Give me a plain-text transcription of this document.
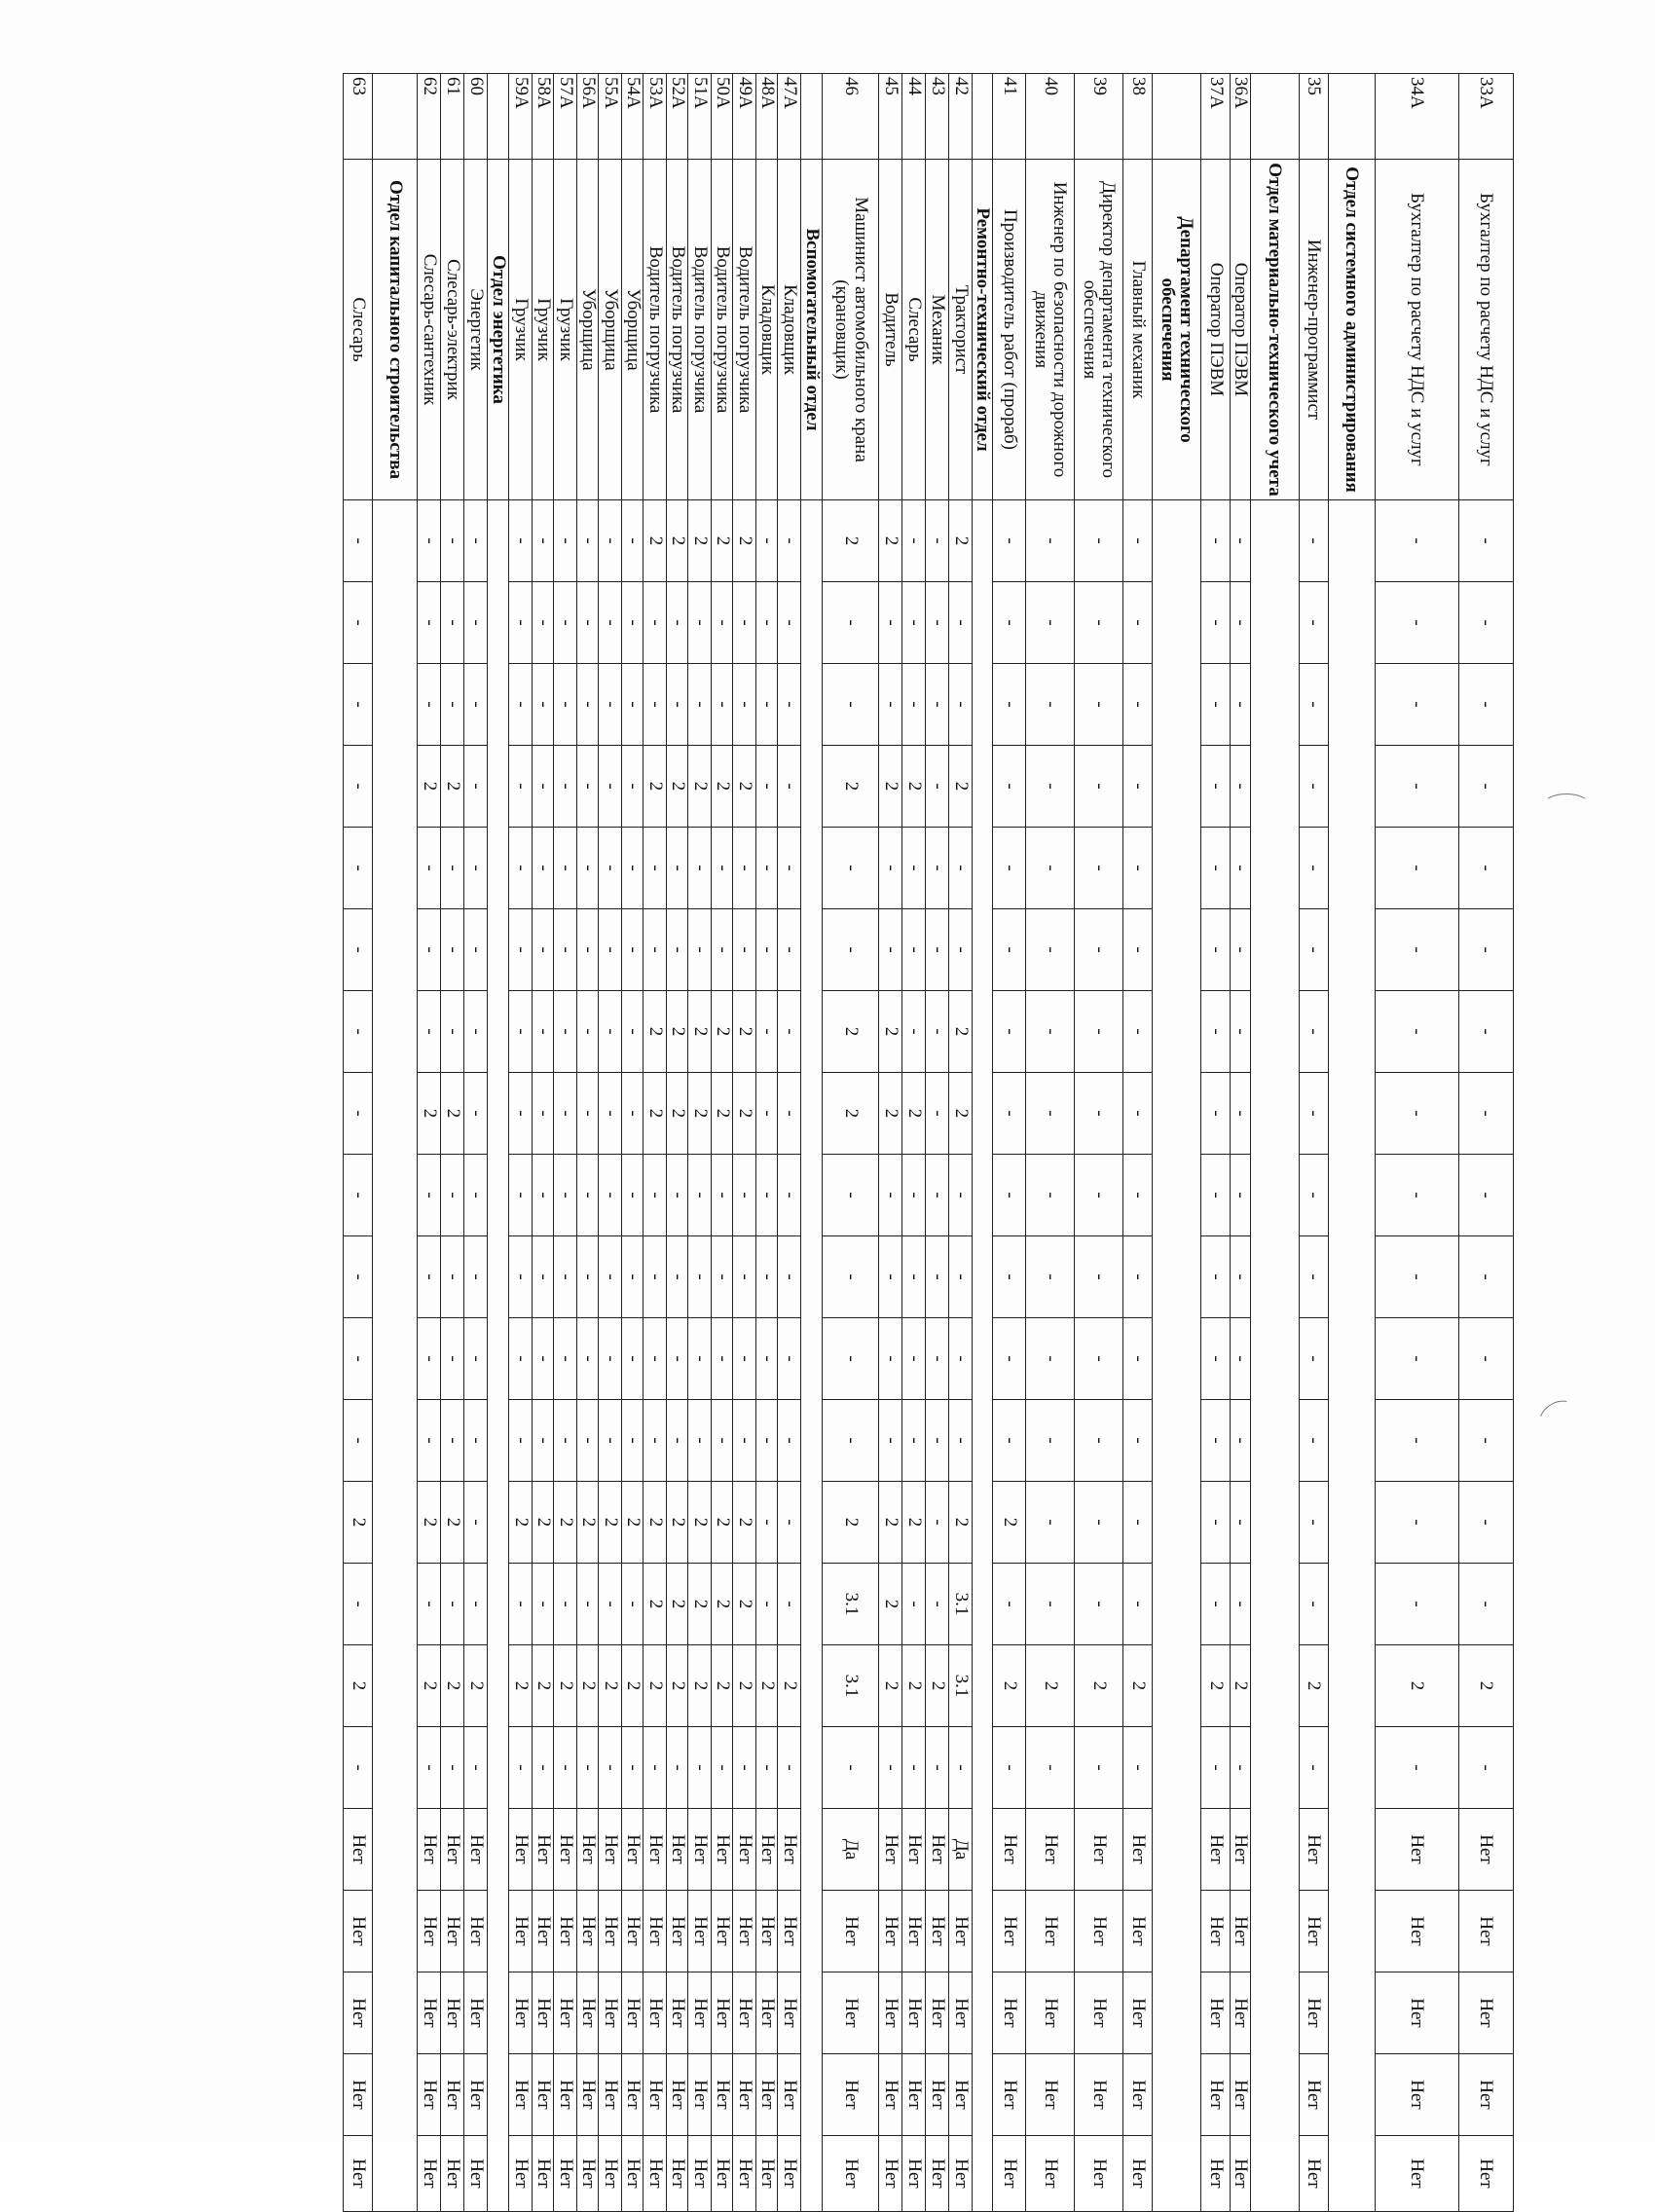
33А	Бухгалтер по расчету НДС и услуг	-	-	-	-	-	-	-	-	-	-	-	-	-	-	2	-	Нет	Нет	Нет	Нет	Нет	
34А	Бухгалтер по расчету НДС и услуг	-	-	-	-	-	-	-	-	-	-	-	-	-	-	2	-	Нет	Нет	Нет	Нет	Нет	
	Отдел системного администрирования																						
35	Инженер-программист	-	-	-	-	-	-	-	-	-	-	-	-	-	-	2	-	Нет	Нет	Нет	Нет	Нет	
	Отдел материально-технического учета																						
36А	Оператор ПЭВМ	-	-	-	-	-	-	-	-	-	-	-	-	-	-	2	-	Нет	Нет	Нет	Нет	Нет	
37А	Оператор ПЭВМ	-	-	-	-	-	-	-	-	-	-	-	-	-	-	2	-	Нет	Нет	Нет	Нет	Нет	
	Департамент технического обеспечения																						
38	Главный механик	-	-	-	-	-	-	-	-	-	-	-	-	-	-	2	-	Нет	Нет	Нет	Нет	Нет	
39	Директор департамента технического обеспечения	-	-	-	-	-	-	-	-	-	-	-	-	-	-	2	-	Нет	Нет	Нет	Нет	Нет	
40	Инженер по безопасности дорожного движения	-	-	-	-	-	-	-	-	-	-	-	-	-	-	2	-	Нет	Нет	Нет	Нет	Нет	
41	Производитель работ (прораб)	-	-	-	-	-	-	-	-	-	-	-	-	2	-	2	-	Нет	Нет	Нет	Нет	Нет	
	Ремонтно-технический отдел																						
42	Тракторист	2	-	-	2	-	-	2	2	-	-	-	-	2	3.1	3.1	-	Да	Нет	Нет	Нет	Нет	
43	Механик	-	-	-	-	-	-	-	-	-	-	-	-	-	-	2	-	Нет	Нет	Нет	Нет	Нет	
44	Слесарь	-	-	-	2	-	-	-	2	-	-	-	-	2	-	2	-	Нет	Нет	Нет	Нет	Нет	
45	Водитель	2	-	-	2	-	-	2	2	-	-	-	-	2	2	2	-	Нет	Нет	Нет	Нет	Нет	
46	Машинист автомобильного крана (крановщик)	2	-	-	2	-	-	2	2	-	-	-	-	2	3.1	3.1	-	Да	Нет	Нет	Нет	Нет	
	Вспомогательный отдел																						
47А	Кладовщик	-	-	-	-	-	-	-	-	-	-	-	-	-	-	2	-	Нет	Нет	Нет	Нет	Нет	
48А	Кладовщик	-	-	-	-	-	-	-	-	-	-	-	-	-	-	2	-	Нет	Нет	Нет	Нет	Нет	
49А	Водитель погрузчика	2	-	-	2	-	-	2	2	-	-	-	-	2	2	2	-	Нет	Нет	Нет	Нет	Нет	
50А	Водитель погрузчика	2	-	-	2	-	-	2	2	-	-	-	-	2	2	2	-	Нет	Нет	Нет	Нет	Нет	
51А	Водитель погрузчика	2	-	-	2	-	-	2	2	-	-	-	-	2	2	2	-	Нет	Нет	Нет	Нет	Нет	
52А	Водитель погрузчика	2	-	-	2	-	-	2	2	-	-	-	-	2	2	2	-	Нет	Нет	Нет	Нет	Нет	
53А	Водитель погрузчика	2	-	-	2	-	-	2	2	-	-	-	-	2	2	2	-	Нет	Нет	Нет	Нет	Нет	
54А	Уборщица	-	-	-	-	-	-	-	-	-	-	-	-	2	-	2	-	Нет	Нет	Нет	Нет	Нет	
55А	Уборщица	-	-	-	-	-	-	-	-	-	-	-	-	2	-	2	-	Нет	Нет	Нет	Нет	Нет	
56А	Уборщица	-	-	-	-	-	-	-	-	-	-	-	-	2	-	2	-	Нет	Нет	Нет	Нет	Нет	
57А	Грузчик	-	-	-	-	-	-	-	-	-	-	-	-	2	-	2	-	Нет	Нет	Нет	Нет	Нет	
58А	Грузчик	-	-	-	-	-	-	-	-	-	-	-	-	2	-	2	-	Нет	Нет	Нет	Нет	Нет	
59А	Грузчик	-	-	-	-	-	-	-	-	-	-	-	-	2	-	2	-	Нет	Нет	Нет	Нет	Нет	
	Отдел энергетика																						
60	Энергетик	-	-	-	-	-	-	-	-	-	-	-	-	-	-	2	-	Нет	Нет	Нет	Нет	Нет	
61	Слесарь-электрик	-	-	-	2	-	-	-	2	-	-	-	-	2	-	2	-	Нет	Нет	Нет	Нет	Нет	
62	Слесарь-сантехник	-	-	-	2	-	-	-	2	-	-	-	-	2	-	2	-	Нет	Нет	Нет	Нет	Нет	
	Отдел капитального строительства																						
63	Слесарь	-	-	-	-	-	-	-	-	-	-	-	-	2	-	2	-	Нет	Нет	Нет	Нет	Нет	
